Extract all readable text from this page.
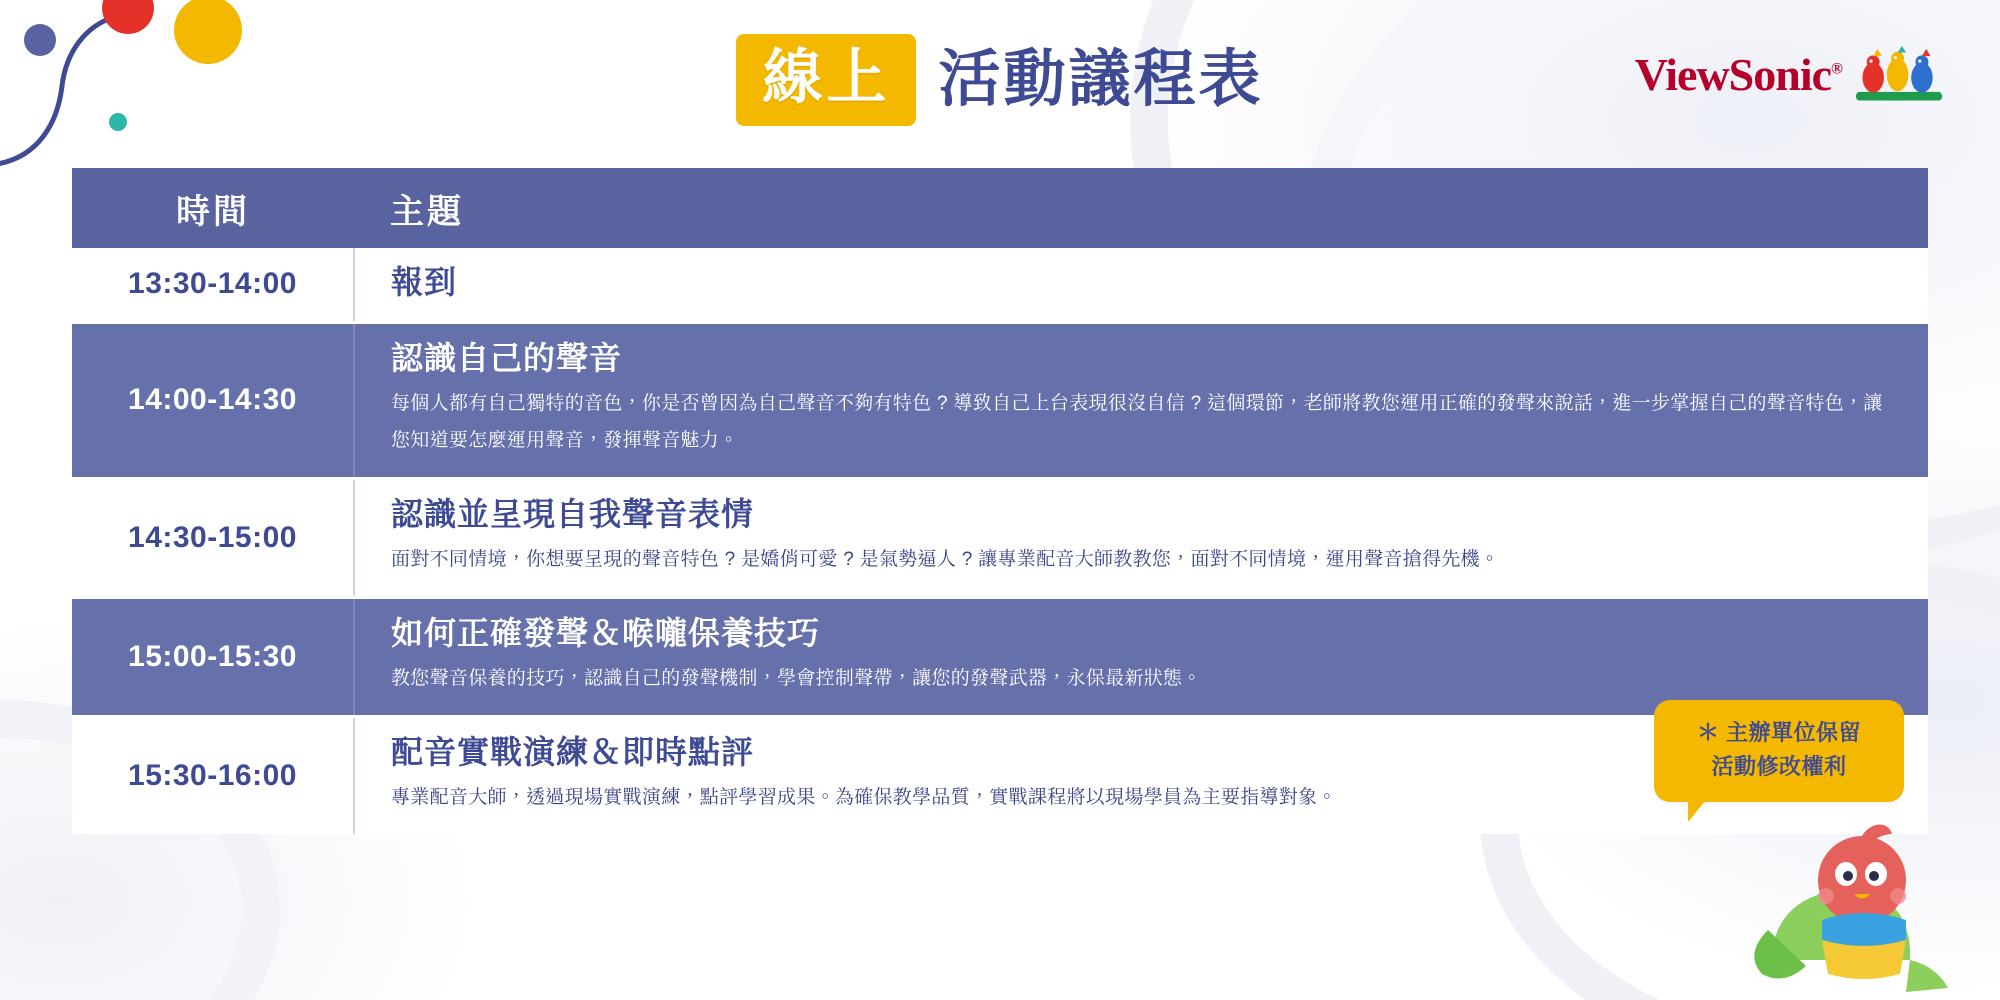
線上 活動議程表	ViewSonic®
時間	主題
13:30-14:00	報到

14:00-14:30	認識自己的聲音
每個人都有自己獨特的音色，你是否曾因為自己聲音不夠有特色 ? 導致自己上台表現很沒自信 ? 這個環節，老師將教您運用正確的發聲來說話，進一步掌握自己的聲音特色，讓您知道要怎麼運用聲音，發揮聲音魅力。

14:30-15:00	認識並呈現自我聲音表情
面對不同情境，你想要呈現的聲音特色 ? 是嬌俏可愛 ? 是氣勢逼人 ? 讓專業配音大師教教您，面對不同情境，運用聲音搶得先機。

15:00-15:30	如何正確發聲＆喉嚨保養技巧
教您聲音保養的技巧，認識自己的發聲機制，學會控制聲帶，讓您的發聲武器，永保最新狀態。

15:30-16:00	配音實戰演練＆即時點評
專業配音大師，透過現場實戰演練，點評學習成果。為確保教學品質，實戰課程將以現場學員為主要指導對象。
＊ 主辦單位保留
活動修改權利
